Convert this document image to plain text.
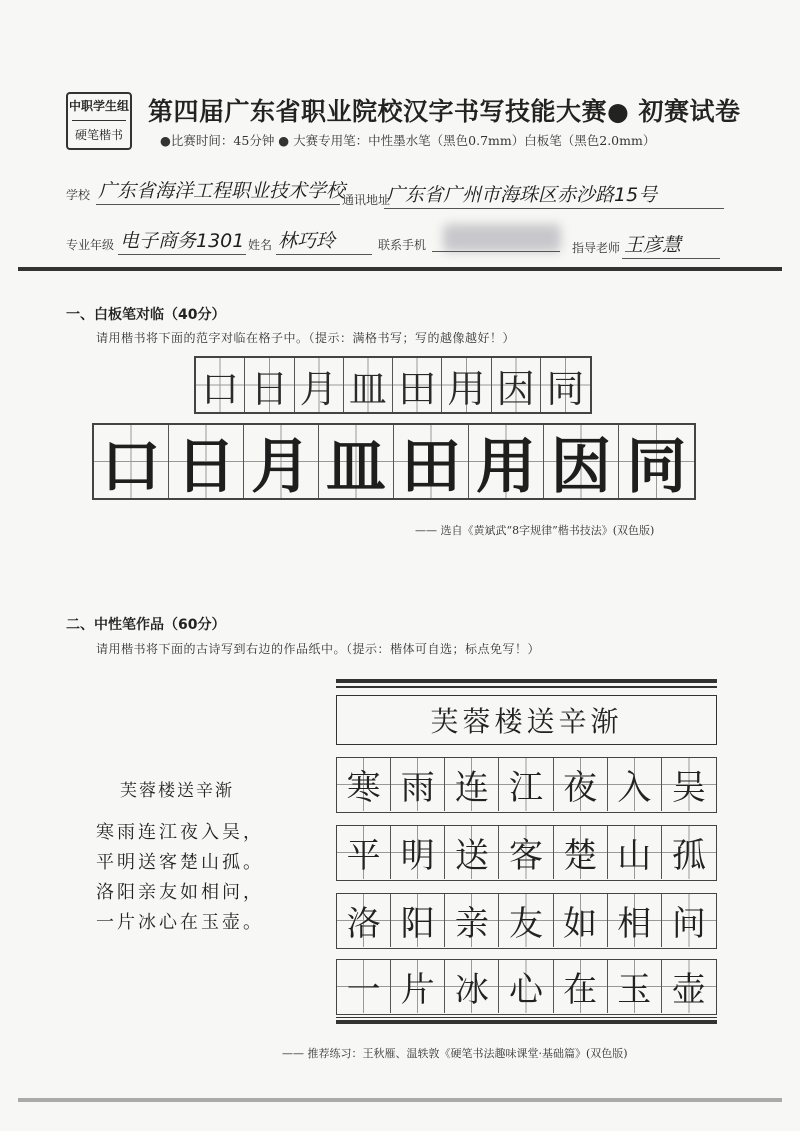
中职学生组
硬笔楷书
第四届广东省职业院校汉字书写技能大赛● 初赛试卷
●比赛时间：45分钟 ● 大赛专用笔：中性墨水笔（黑色0.7mm）白板笔（黑色2.0mm）
学校 广东省海洋工程职业技术学校
通讯地址
广东省广州市海珠区赤沙路15号
专业年级 电子商务1301 姓名 林巧玲	联系手机	指导老师 王彦慧
一、白板笔对临（40分）
请用楷书将下面的范字对临在格子中。（提示：满格书写；写的越像越好！）
口 日 月 皿 田 用 因 同
口 日 月 皿 田 用 因 同
—— 选自《黄斌武“8字规律”楷书技法》(双色版)
二、中性笔作品（60分）
请用楷书将下面的古诗写到右边的作品纸中。（提示：楷体可自选；标点免写！）
芙蓉楼送辛渐
寒雨连江夜入吴，
平明送客楚山孤。
洛阳亲友如相问，
一片冰心在玉壶。
芙蓉楼送辛渐
寒 雨 连 江 夜 入 吴
平 明 送 客 楚 山 孤
洛 阳 亲 友 如 相 问
一 片 冰 心 在 玉 壶
—— 推荐练习：王秋雁、温轶敦《硬笔书法趣味课堂·基础篇》(双色版)
